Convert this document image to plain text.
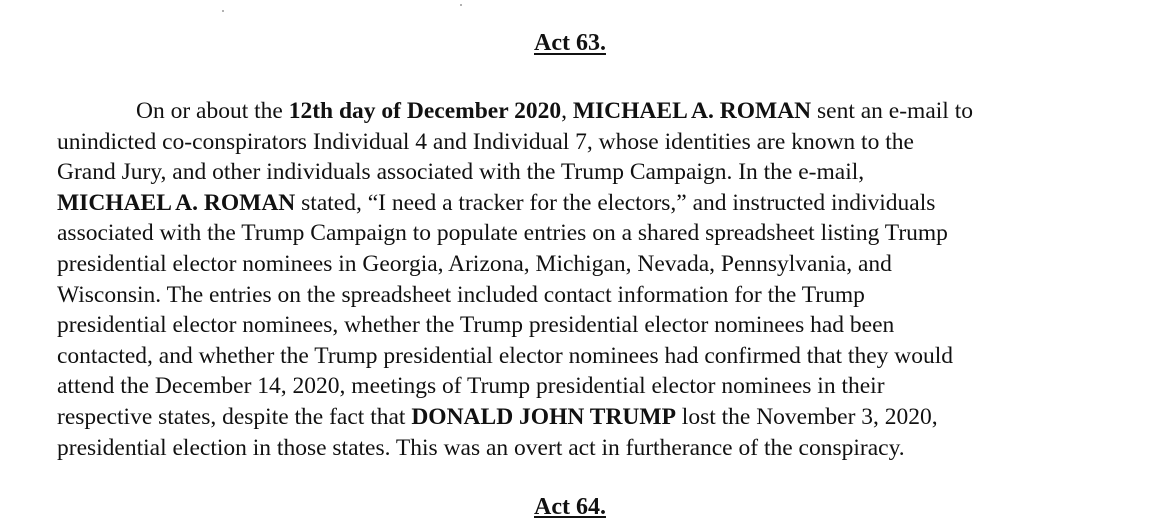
Act 63.

On or about the 12th day of December 2020, MICHAEL A. ROMAN sent an e-mail to
unindicted co-conspirators Individual 4 and Individual 7, whose identities are known to the
Grand Jury, and other individuals associated with the Trump Campaign. In the e-mail,
MICHAEL A. ROMAN stated, “I need a tracker for the electors,” and instructed individuals
associated with the Trump Campaign to populate entries on a shared spreadsheet listing Trump
presidential elector nominees in Georgia, Arizona, Michigan, Nevada, Pennsylvania, and
Wisconsin. The entries on the spreadsheet included contact information for the Trump
presidential elector nominees, whether the Trump presidential elector nominees had been
contacted, and whether the Trump presidential elector nominees had confirmed that they would
attend the December 14, 2020, meetings of Trump presidential elector nominees in their
respective states, despite the fact that DONALD JOHN TRUMP lost the November 3, 2020,
presidential election in those states. This was an overt act in furtherance of the conspiracy.

Act 64.
